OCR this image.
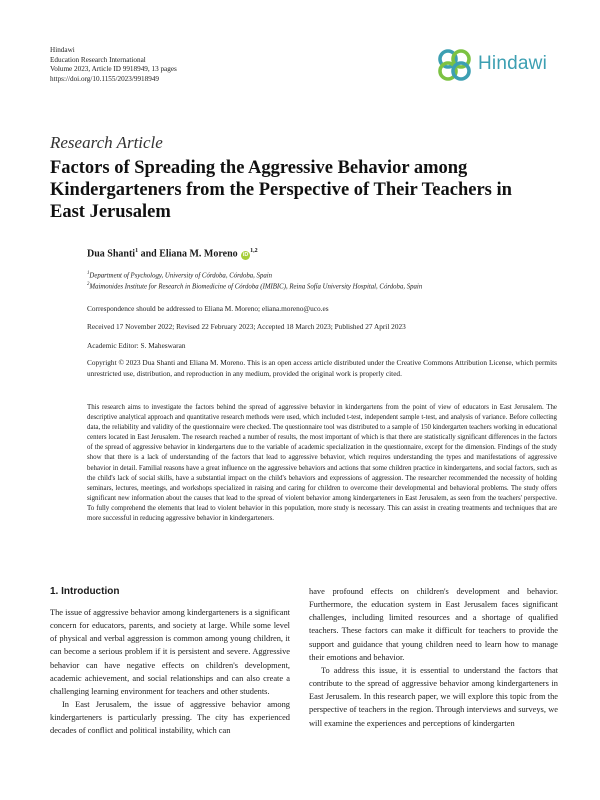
Hindawi
Education Research International
Volume 2023, Article ID 9918949, 13 pages
https://doi.org/10.1155/2023/9918949
Hindawi
Research Article
Factors of Spreading the Aggressive Behavior among Kindergarteners from the Perspective of Their Teachers in East Jerusalem
Dua Shanti$^1$ and Eliana M. Moreno iD$^{1,2}$
$^1$Department of Psychology, University of Córdoba, Córdoba, Spain
$^2$Maimonides Institute for Research in Biomedicine of Córdoba (IMIBIC), Reina Sofía University Hospital, Córdoba, Spain
Correspondence should be addressed to Eliana M. Moreno; eliana.moreno@uco.es
Received 17 November 2022; Revised 22 February 2023; Accepted 18 March 2023; Published 27 April 2023
Academic Editor: S. Maheswaran
Copyright © 2023 Dua Shanti and Eliana M. Moreno. This is an open access article distributed under the Creative Commons Attribution License, which permits unrestricted use, distribution, and reproduction in any medium, provided the original work is properly cited.
This research aims to investigate the factors behind the spread of aggressive behavior in kindergartens from the point of view of educators in East Jerusalem. The descriptive analytical approach and quantitative research methods were used, which included t-test, independent sample t-test, and analysis of variance. Before collecting data, the reliability and validity of the questionnaire were checked. The questionnaire tool was distributed to a sample of 150 kindergarten teachers working in educational centers located in East Jerusalem. The research reached a number of results, the most important of which is that there are statistically significant differences in the factors of the spread of aggressive behavior in kindergartens due to the variable of academic specialization in the questionnaire, except for the dimension. Findings of the study show that there is a lack of understanding of the factors that lead to aggressive behavior, which requires understanding the types and manifestations of aggressive behavior in detail. Familial reasons have a great influence on the aggressive behaviors and actions that some children practice in kindergartens, and social factors, such as the child's lack of social skills, have a substantial impact on the child's behaviors and expressions of aggression. The researcher recommended the necessity of holding seminars, lectures, meetings, and workshops specialized in raising and caring for children to overcome their developmental and behavioral problems. The study offers significant new information about the causes that lead to the spread of violent behavior among kindergarteners in East Jerusalem, as seen from the teachers' perspective. To fully comprehend the elements that lead to violent behavior in this population, more study is necessary. This can assist in creating treatments and techniques that are more successful in reducing aggressive behavior in kindergarteners.
1. Introduction

The issue of aggressive behavior among kindergarteners is a significant concern for educators, parents, and society at large. While some level of physical and verbal aggression is common among young children, it can become a serious problem if it is persistent and severe. Aggressive behavior can have negative effects on children's development, academic achievement, and social relationships and can also create a challenging learning environment for teachers and other students.

In East Jerusalem, the issue of aggressive behavior among kindergarteners is particularly pressing. The city has experienced decades of conflict and political instability, which can

have profound effects on children's development and behavior. Furthermore, the education system in East Jerusalem faces significant challenges, including limited resources and a shortage of qualified teachers. These factors can make it difficult for teachers to provide the support and guidance that young children need to learn how to manage their emotions and behavior.

To address this issue, it is essential to understand the factors that contribute to the spread of aggressive behavior among kindergarteners in East Jerusalem. In this research paper, we will explore this topic from the perspective of teachers in the region. Through interviews and surveys, we will examine the experiences and perceptions of kindergarten
